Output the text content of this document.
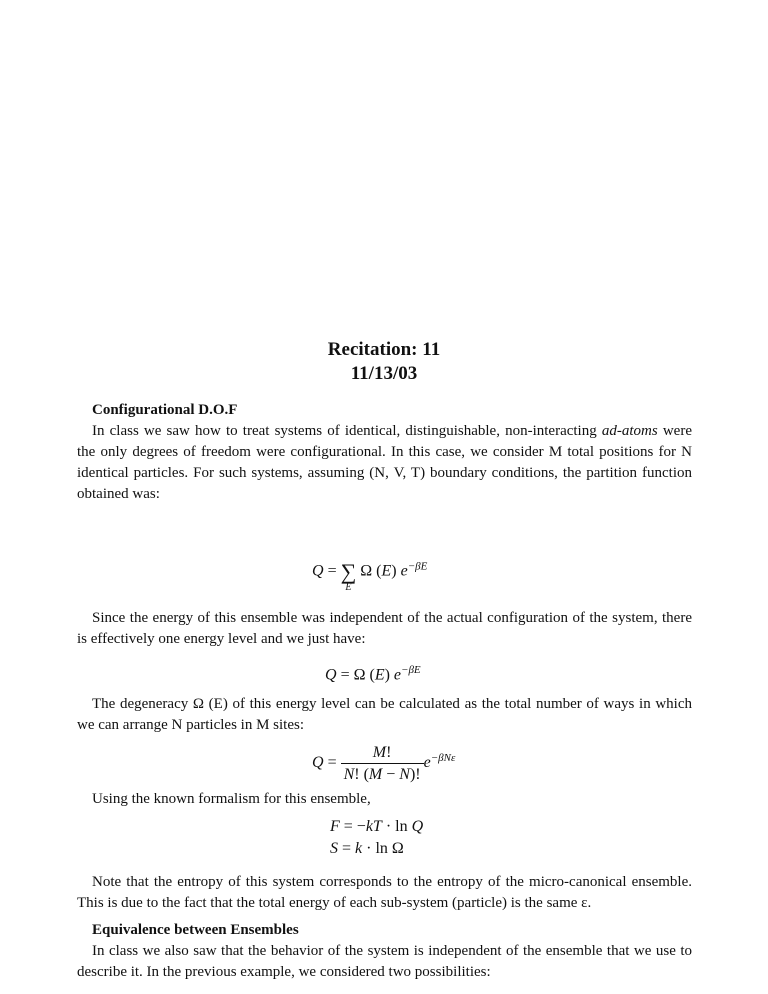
Recitation: 11
11/13/03
Configurational D.O.F
In class we saw how to treat systems of identical, distinguishable, non-interacting ad-atoms were the only degrees of freedom were configurational. In this case, we consider M total positions for N identical particles. For such systems, assuming (N, V, T) boundary conditions, the partition function obtained was:
Q = ∑
E
Ω (E) $e^{-\beta E}$
Since the energy of this ensemble was independent of the actual configuration of the system, there is effectively one energy level and we just have:
Q = Ω (E) $e^{-\beta E}$
The degeneracy Ω (E) of this energy level can be calculated as the total number of ways in which we can arrange N particles in M sites:
$Q = \frac{M!}{N! (M - N)!} e^{-\beta N\varepsilon}$
Using the known formalism for this ensemble,
F = −kT · ln Q
S = k · ln Ω
Note that the entropy of this system corresponds to the entropy of the micro-canonical ensemble. This is due to the fact that the total energy of each sub-system (particle) is the same ε.
Equivalence between Ensembles
In class we also saw that the behavior of the system is independent of the ensemble that we use to describe it. In the previous example, we considered two possibilities:
